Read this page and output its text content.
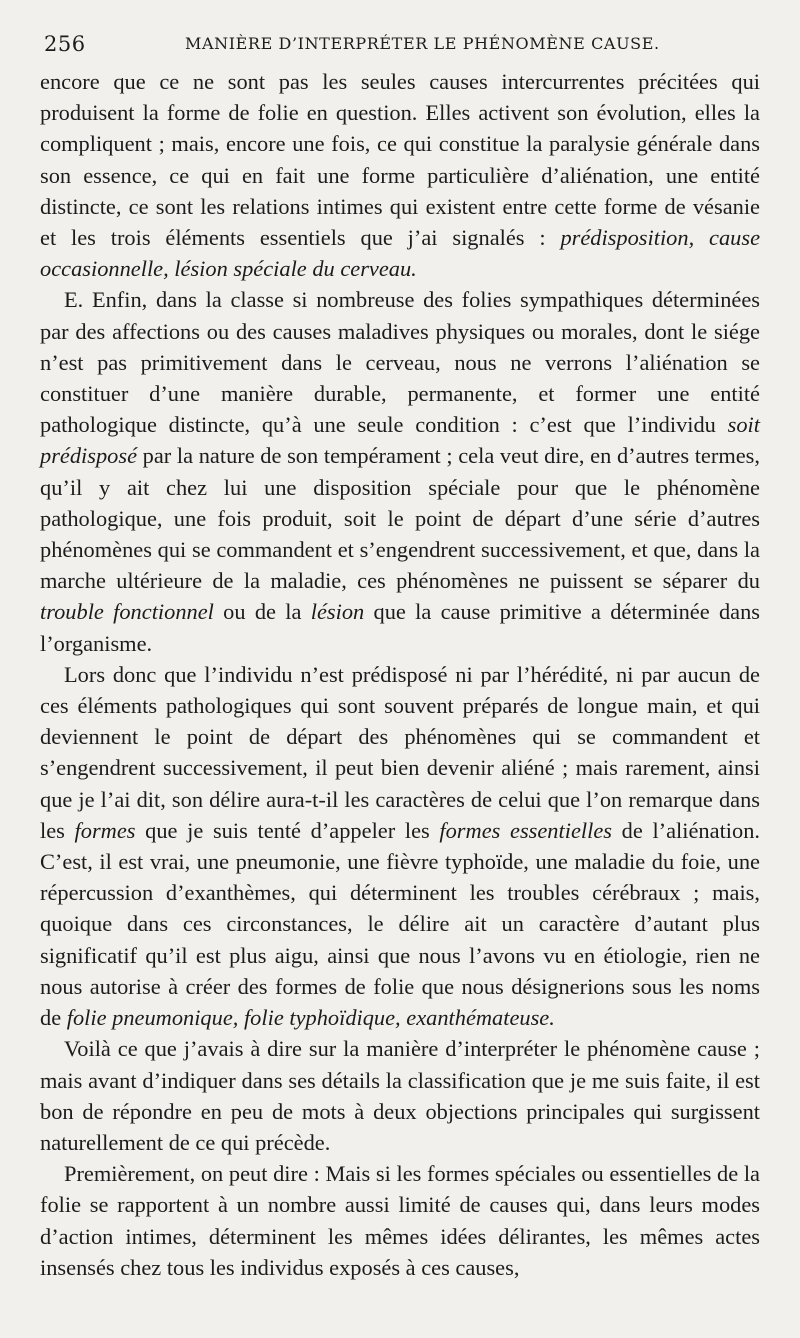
256	MANIÈRE D’INTERPRÉTER LE PHÉNOMÈNE CAUSE.

encore que ce ne sont pas les seules causes intercurrentes précitées qui produisent la forme de folie en question. Elles activent son évolution, elles la compliquent ; mais, encore une fois, ce qui constitue la paralysie générale dans son essence, ce qui en fait une forme particulière d’aliénation, une entité distincte, ce sont les relations intimes qui existent entre cette forme de vésanie et les trois éléments essentiels que j’ai signalés : prédisposition, cause occasionnelle, lésion spéciale du cerveau.

E. Enfin, dans la classe si nombreuse des folies sympathiques déterminées par des affections ou des causes maladives physiques ou morales, dont le siége n’est pas primitivement dans le cerveau, nous ne verrons l’aliénation se constituer d’une manière durable, permanente, et former une entité pathologique distincte, qu’à une seule condition : c’est que l’individu soit prédisposé par la nature de son tempérament ; cela veut dire, en d’autres termes, qu’il y ait chez lui une disposition spéciale pour que le phénomène pathologique, une fois produit, soit le point de départ d’une série d’autres phénomènes qui se commandent et s’engendrent successivement, et que, dans la marche ultérieure de la maladie, ces phénomènes ne puissent se séparer du trouble fonctionnel ou de la lésion que la cause primitive a déterminée dans l’organisme.

Lors donc que l’individu n’est prédisposé ni par l’hérédité, ni par aucun de ces éléments pathologiques qui sont souvent préparés de longue main, et qui deviennent le point de départ des phénomènes qui se commandent et s’engendrent successivement, il peut bien devenir aliéné ; mais rarement, ainsi que je l’ai dit, son délire aura-t-il les caractères de celui que l’on remarque dans les formes que je suis tenté d’appeler les formes essentielles de l’aliénation. C’est, il est vrai, une pneumonie, une fièvre typhoïde, une maladie du foie, une répercussion d’exanthèmes, qui déterminent les troubles cérébraux ; mais, quoique dans ces circonstances, le délire ait un caractère d’autant plus significatif qu’il est plus aigu, ainsi que nous l’avons vu en étiologie, rien ne nous autorise à créer des formes de folie que nous désignerions sous les noms de folie pneumonique, folie typhoïdique, exanthémateuse.

Voilà ce que j’avais à dire sur la manière d’interpréter le phénomène cause ; mais avant d’indiquer dans ses détails la classification que je me suis faite, il est bon de répondre en peu de mots à deux objections principales qui surgissent naturellement de ce qui précède.

Premièrement, on peut dire : Mais si les formes spéciales ou essentielles de la folie se rapportent à un nombre aussi limité de causes qui, dans leurs modes d’action intimes, déterminent les mêmes idées délirantes, les mêmes actes insensés chez tous les individus exposés à ces causes,
